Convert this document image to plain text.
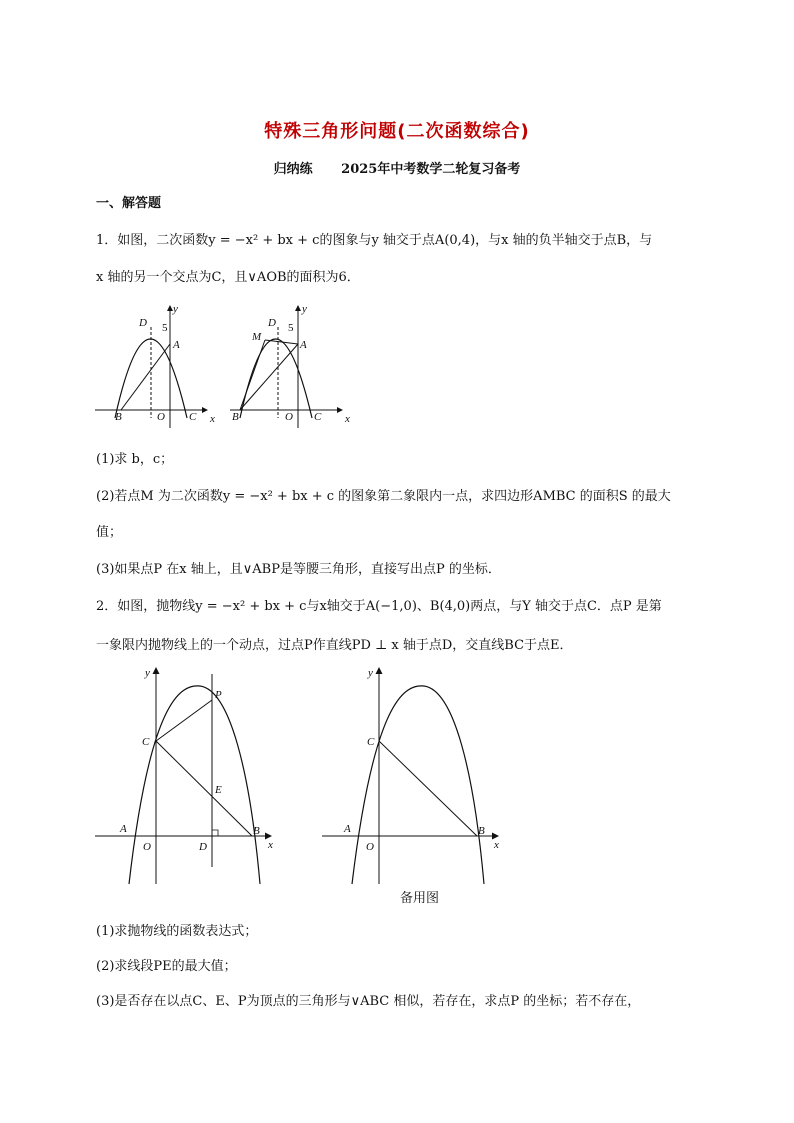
特殊三角形问题(二次函数综合)
归纳练 2025年中考数学二轮复习备考
一、解答题
1．如图，二次函数y = −x² + bx + c的图象与y 轴交于点A(0,4)，与x 轴的负半轴交于点B，与
x 轴的另一个交点为C，且∨AOB的面积为6．
D
y
5
A
B	O C x
D
y
5
M
A
B	O C x
(1)求 b，c；
(2)若点M 为二次函数y = −x² + bx + c 的图象第二象限内一点，求四边形AMBC 的面积S 的最大
值；
(3)如果点P 在x 轴上，且∨ABP是等腰三角形，直接写出点P 的坐标．
2．如图，抛物线y = −x² + bx + c与x轴交于A(−1,0)、B(4,0)两点，与Y 轴交于点C．点P 是第
一象限内抛物线上的一个动点，过点P作直线PD ⊥ x 轴于点D，交直线BC于点E．
y
P
C
E
A
O	D
B
x
y
C
A
O
B
x
备用图
(1)求抛物线的函数表达式；
(2)求线段PE的最大值；
(3)是否存在以点C、E、P为顶点的三角形与∨ABC 相似，若存在，求点P 的坐标；若不存在，
